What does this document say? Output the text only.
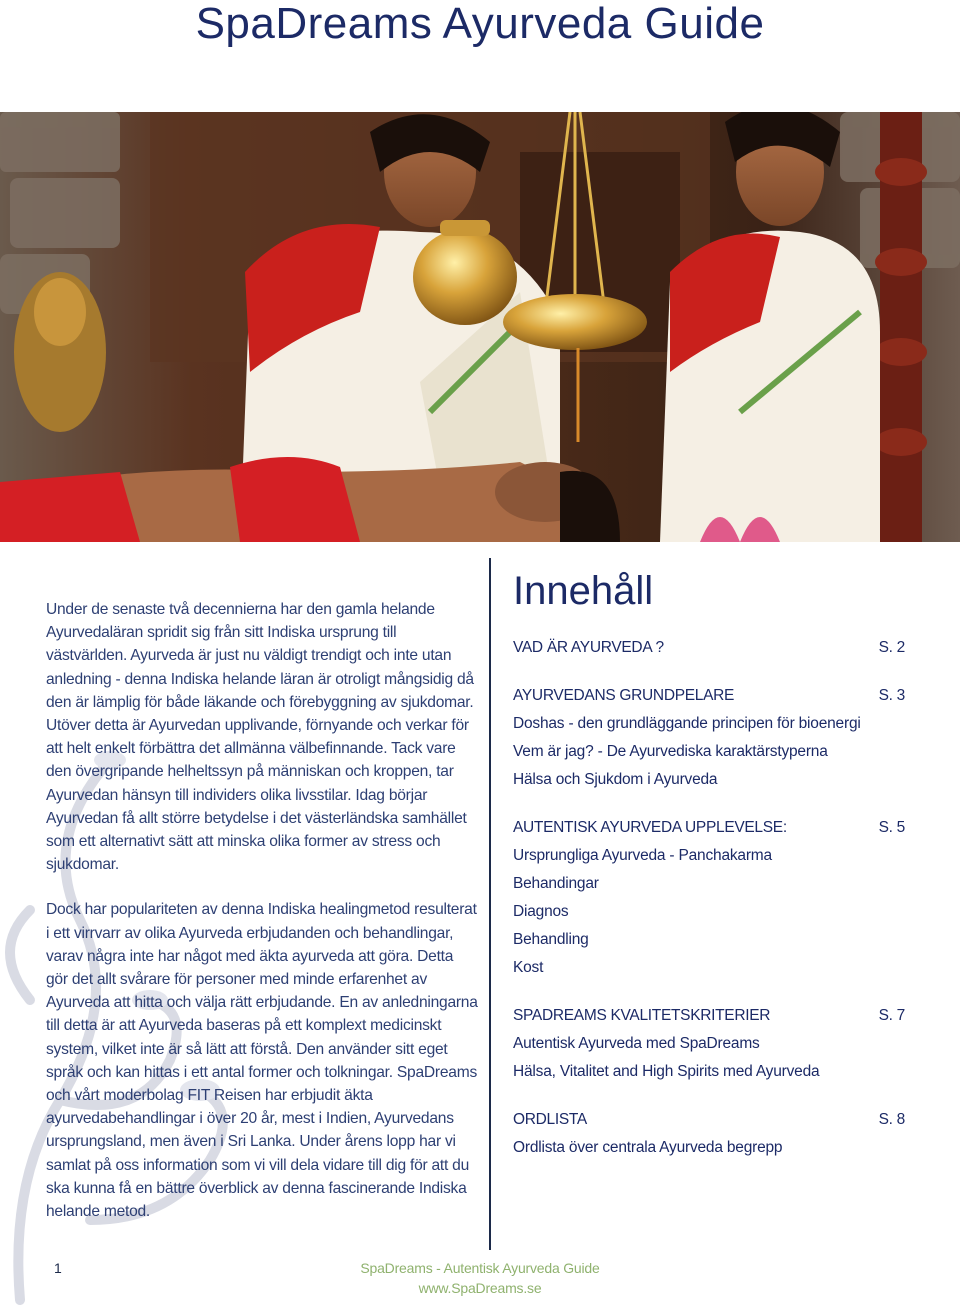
SpaDreams Ayurveda Guide

Under de senaste två decennierna har den gamla helande Ayurvedaläran spridit sig från sitt Indiska ursprung till västvärlden. Ayurveda är just nu väldigt trendigt och inte utan anledning - denna Indiska helande läran är otroligt mångsidig då den är lämplig för både läkande och förebyggning av sjukdomar. Utöver detta är Ayurvedan upplivande, förnyande och verkar för att helt enkelt förbättra det allmänna välbefinnande. Tack vare den övergripande helheltssyn på människan och kroppen, tar Ayurvedan hänsyn till individers olika livsstilar. Idag börjar Ayurvedan få allt större betydelse i det västerländska samhället som ett alternativt sätt att minska olika former av stress och sjukdomar.

Dock har populariteten av denna Indiska healingmetod resulterat i ett virrvarr av olika Ayurveda erbjudanden och behandlingar, varav några inte har något med äkta ayurveda att göra. Detta gör det allt svårare för personer med minde erfarenhet av Ayurveda att hitta och välja rätt erbjudande. En av anledningarna till detta är att Ayurveda baseras på ett komplext medicinskt system, vilket inte är så lätt att förstå. Den använder sitt eget språk och kan hittas i ett antal former och tolkningar. SpaDreams och vårt moderbolag FIT Reisen har erbjudit äkta ayurvedabehandlingar i över 20 år, mest i Indien, Ayurvedans ursprungsland, men även i Sri Lanka. Under årens lopp har vi samlat på oss information som vi vill dela vidare till dig för att du ska kunna få en bättre överblick av denna fascinerande Indiska helande metod.

Innehåll
VAD ÄR AYURVEDA ?	S. 2
AYURVEDANS GRUNDPELARE	S. 3
Doshas - den grundläggande principen för bioenergi
Vem är jag? - De Ayurvediska karaktärstyperna
Hälsa och Sjukdom i Ayurveda
AUTENTISK AYURVEDA UPPLEVELSE:	S. 5
Ursprungliga Ayurveda - Panchakarma
Behandingar
Diagnos
Behandling
Kost
SPADREAMS KVALITETSKRITERIER	S. 7
Autentisk Ayurveda med SpaDreams
Hälsa, Vitalitet and High Spirits med Ayurveda
ORDLISTA	S. 8
Ordlista över centrala Ayurveda begrepp
1	SpaDreams - Autentisk Ayurveda Guide
www.SpaDreams.se
